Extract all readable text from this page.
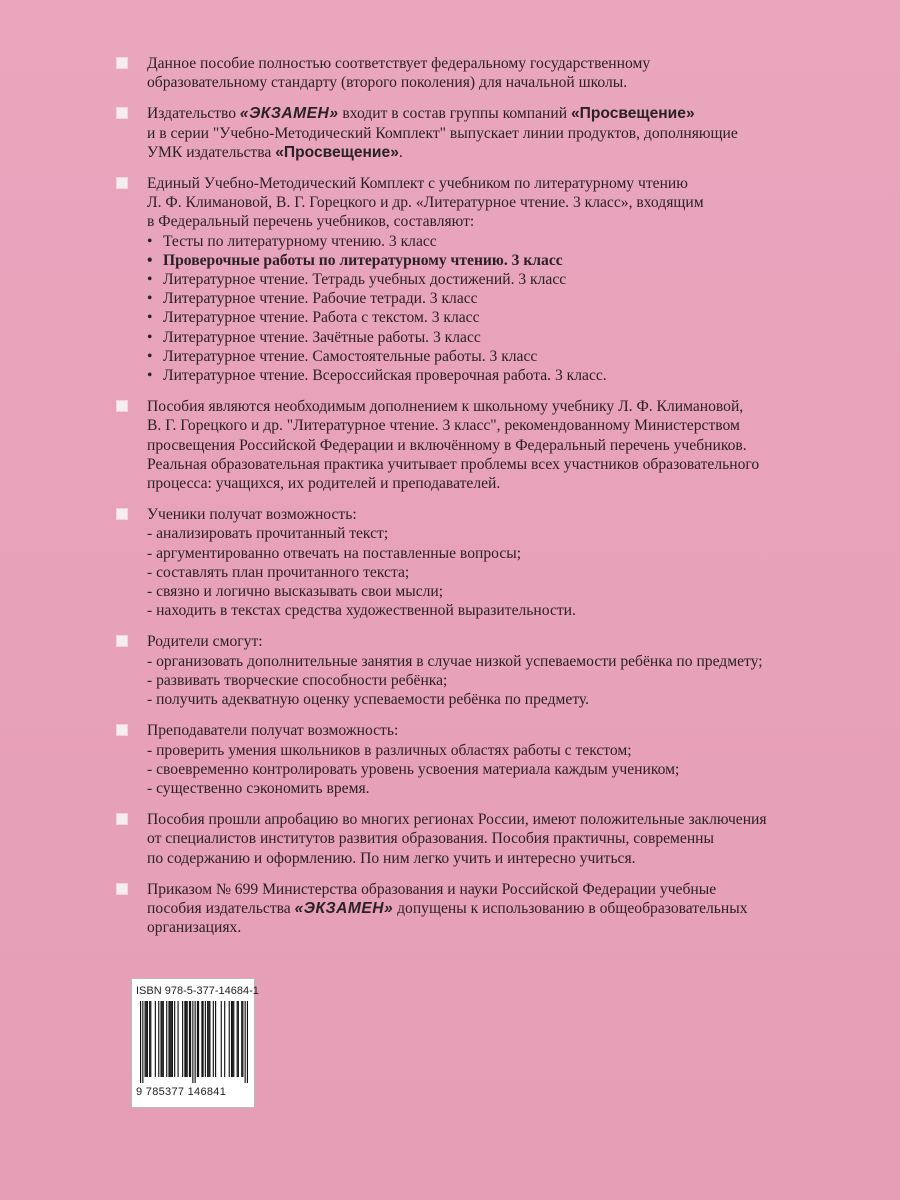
Данное пособие полностью соответствует федеральному государственному
образовательному стандарту (второго поколения) для начальной школы.
Издательство «ЭКЗАМЕН» входит в состав группы компаний «Просвещение»
и в серии "Учебно-Методический Комплект" выпускает линии продуктов, дополняющие
УМК издательства «Просвещение».
Единый Учебно-Методический Комплект с учебником по литературному чтению
Л. Ф. Климановой, В. Г. Горецкого и др. «Литературное чтение. 3 класс», входящим
в Федеральный перечень учебников, составляют:
• Тесты по литературному чтению. 3 класс
• Проверочные работы по литературному чтению. 3 класс
• Литературное чтение. Тетрадь учебных достижений. 3 класс
• Литературное чтение. Рабочие тетради. 3 класс
• Литературное чтение. Работа с текстом. 3 класс
• Литературное чтение. Зачётные работы. 3 класс
• Литературное чтение. Самостоятельные работы. 3 класс
• Литературное чтение. Всероссийская проверочная работа. 3 класс.
Пособия являются необходимым дополнением к школьному учебнику Л. Ф. Климановой,
В. Г. Горецкого и др. "Литературное чтение. 3 класс", рекомендованному Министерством
просвещения Российской Федерации и включённому в Федеральный перечень учебников.
Реальная образовательная практика учитывает проблемы всех участников образовательного
процесса: учащихся, их родителей и преподавателей.
Ученики получат возможность:
- анализировать прочитанный текст;
- аргументированно отвечать на поставленные вопросы;
- составлять план прочитанного текста;
- связно и логично высказывать свои мысли;
- находить в текстах средства художественной выразительности.
Родители смогут:
- организовать дополнительные занятия в случае низкой успеваемости ребёнка по предмету;
- развивать творческие способности ребёнка;
- получить адекватную оценку успеваемости ребёнка по предмету.
Преподаватели получат возможность:
- проверить умения школьников в различных областях работы с текстом;
- своевременно контролировать уровень усвоения материала каждым учеником;
- существенно сэкономить время.
Пособия прошли апробацию во многих регионах России, имеют положительные заключения
от специалистов институтов развития образования. Пособия практичны, современны
по содержанию и оформлению. По ним легко учить и интересно учиться.
Приказом № 699 Министерства образования и науки Российской Федерации учебные
пособия издательства «ЭКЗАМЕН» допущены к использованию в общеобразовательных
организациях.
ISBN 978-5-377-14684-1
9 785377 146841
